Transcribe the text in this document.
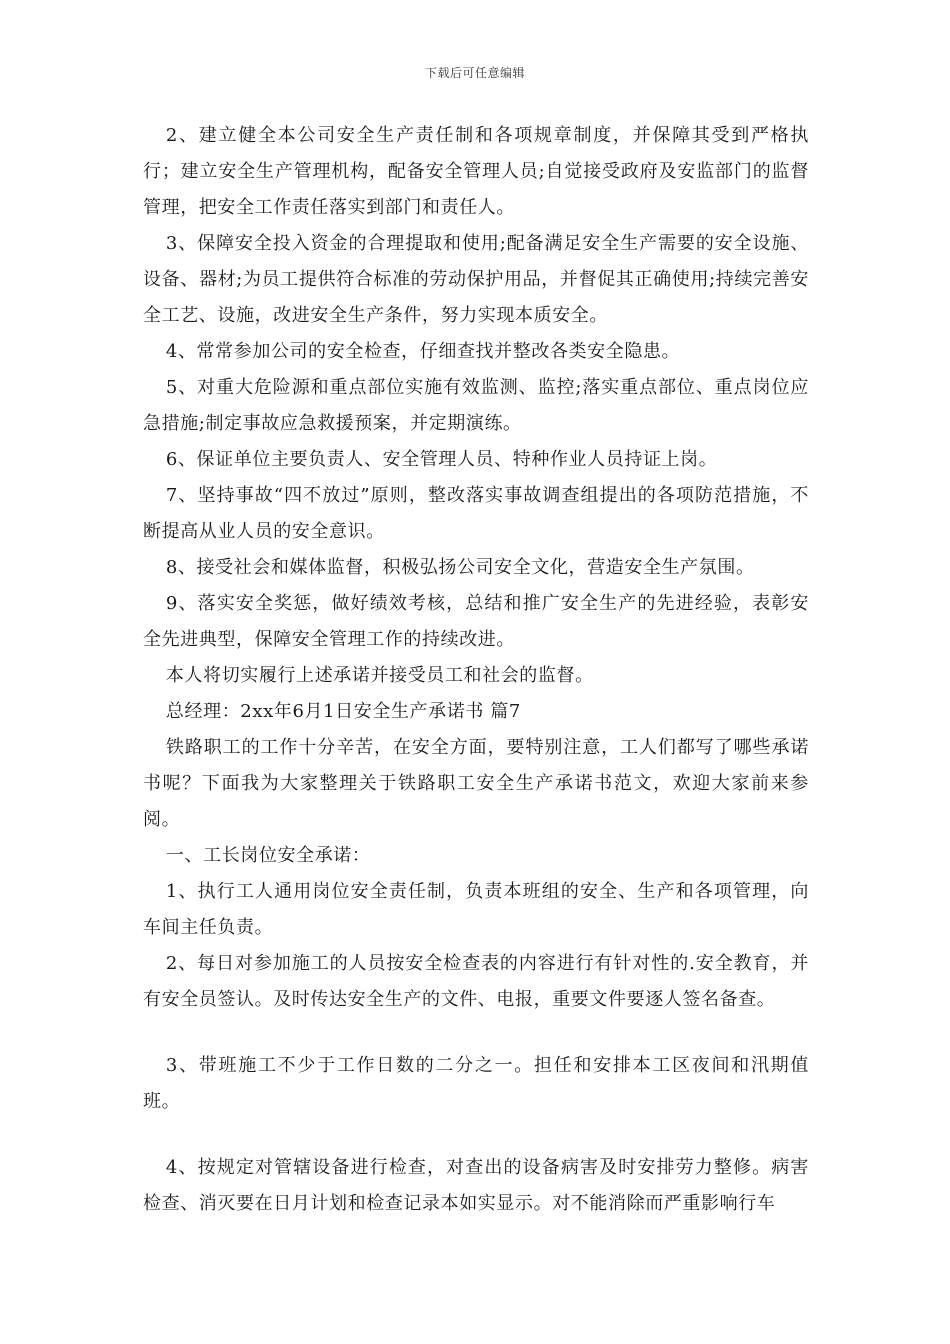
下载后可任意编辑

2、建立健全本公司安全生产责任制和各项规章制度，并保障其受到严格执行；建立安全生产管理机构，配备安全管理人员;自觉接受政府及安监部门的监督管理，把安全工作责任落实到部门和责任人。

3、保障安全投入资金的合理提取和使用;配备满足安全生产需要的安全设施、设备、器材;为员工提供符合标准的劳动保护用品，并督促其正确使用;持续完善安全工艺、设施，改进安全生产条件，努力实现本质安全。

4、常常参加公司的安全检查，仔细查找并整改各类安全隐患。

5、对重大危险源和重点部位实施有效监测、监控;落实重点部位、重点岗位应急措施;制定事故应急救援预案，并定期演练。

6、保证单位主要负责人、安全管理人员、特种作业人员持证上岗。

7、坚持事故“四不放过”原则，整改落实事故调查组提出的各项防范措施，不断提高从业人员的安全意识。

8、接受社会和媒体监督，积极弘扬公司安全文化，营造安全生产氛围。

9、落实安全奖惩，做好绩效考核，总结和推广安全生产的先进经验，表彰安全先进典型，保障安全管理工作的持续改进。

本人将切实履行上述承诺并接受员工和社会的监督。

总经理：2xx年6月1日安全生产承诺书 篇7

铁路职工的工作十分辛苦，在安全方面，要特别注意，工人们都写了哪些承诺书呢？下面我为大家整理关于铁路职工安全生产承诺书范文，欢迎大家前来参阅。

一、工长岗位安全承诺：

1、执行工人通用岗位安全责任制，负责本班组的安全、生产和各项管理，向车间主任负责。

2、每日对参加施工的人员按安全检查表的内容进行有针对性的.安全教育，并有安全员签认。及时传达安全生产的文件、电报，重要文件要逐人签名备查。

3、带班施工不少于工作日数的二分之一。担任和安排本工区夜间和汛期值班。

4、按规定对管辖设备进行检查，对查出的设备病害及时安排劳力整修。病害检查、消灭要在日月计划和检查记录本如实显示。对不能消除而严重影响行车
